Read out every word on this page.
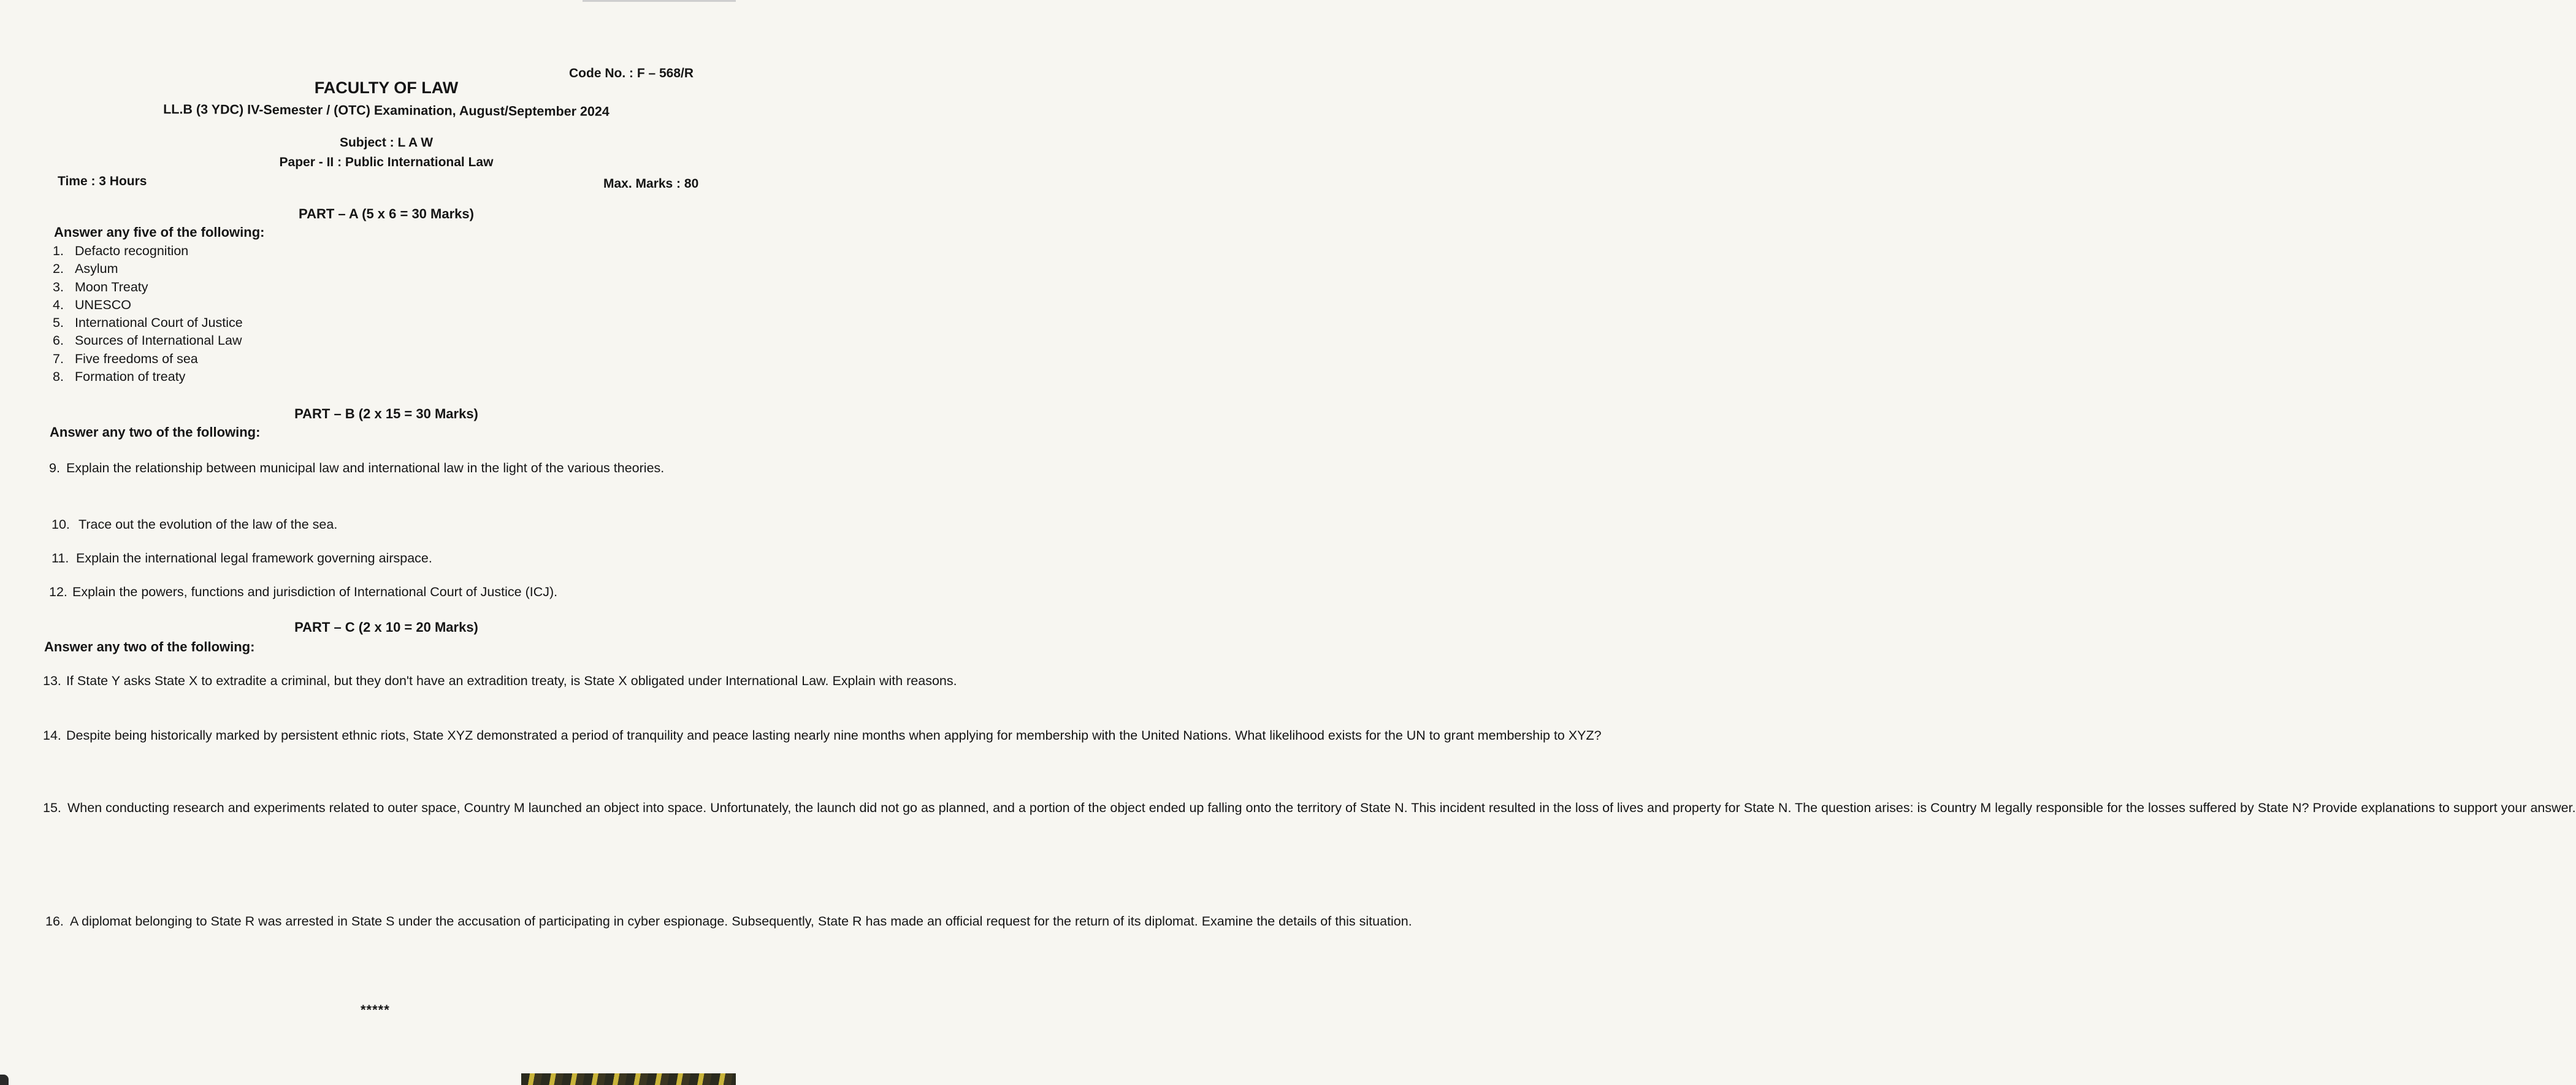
Code No. : F – 568/R
FACULTY OF LAW
LL.B (3 YDC) IV-Semester / (OTC) Examination, August/September 2024
Subject : L A W
Paper - II : Public International Law
Time : 3 Hours	Max. Marks : 80
PART – A (5 x 6 = 30 Marks)
Answer any five of the following:
1. Defacto recognition
2. Asylum
3. Moon Treaty
4. UNESCO
5. International Court of Justice
6. Sources of International Law
7. Five freedoms of sea
8. Formation of treaty
PART – B (2 x 15 = 30 Marks)
Answer any two of the following:
9. Explain the relationship between municipal law and international law in the light of the various theories.
10. Trace out the evolution of the law of the sea.
11. Explain the international legal framework governing airspace.
12. Explain the powers, functions and jurisdiction of International Court of Justice (ICJ).
PART – C (2 x 10 = 20 Marks)
Answer any two of the following:
13. If State Y asks State X to extradite a criminal, but they don't have an extradition treaty, is State X obligated under International Law. Explain with reasons.
14. Despite being historically marked by persistent ethnic riots, State XYZ demonstrated a period of tranquility and peace lasting nearly nine months when applying for membership with the United Nations. What likelihood exists for the UN to grant membership to XYZ?
15. When conducting research and experiments related to outer space, Country M launched an object into space. Unfortunately, the launch did not go as planned, and a portion of the object ended up falling onto the territory of State N. This incident resulted in the loss of lives and property for State N. The question arises: is Country M legally responsible for the losses suffered by State N? Provide explanations to support your answer.
16. A diplomat belonging to State R was arrested in State S under the accusation of participating in cyber espionage. Subsequently, State R has made an official request for the return of its diplomat. Examine the details of this situation.
*****
